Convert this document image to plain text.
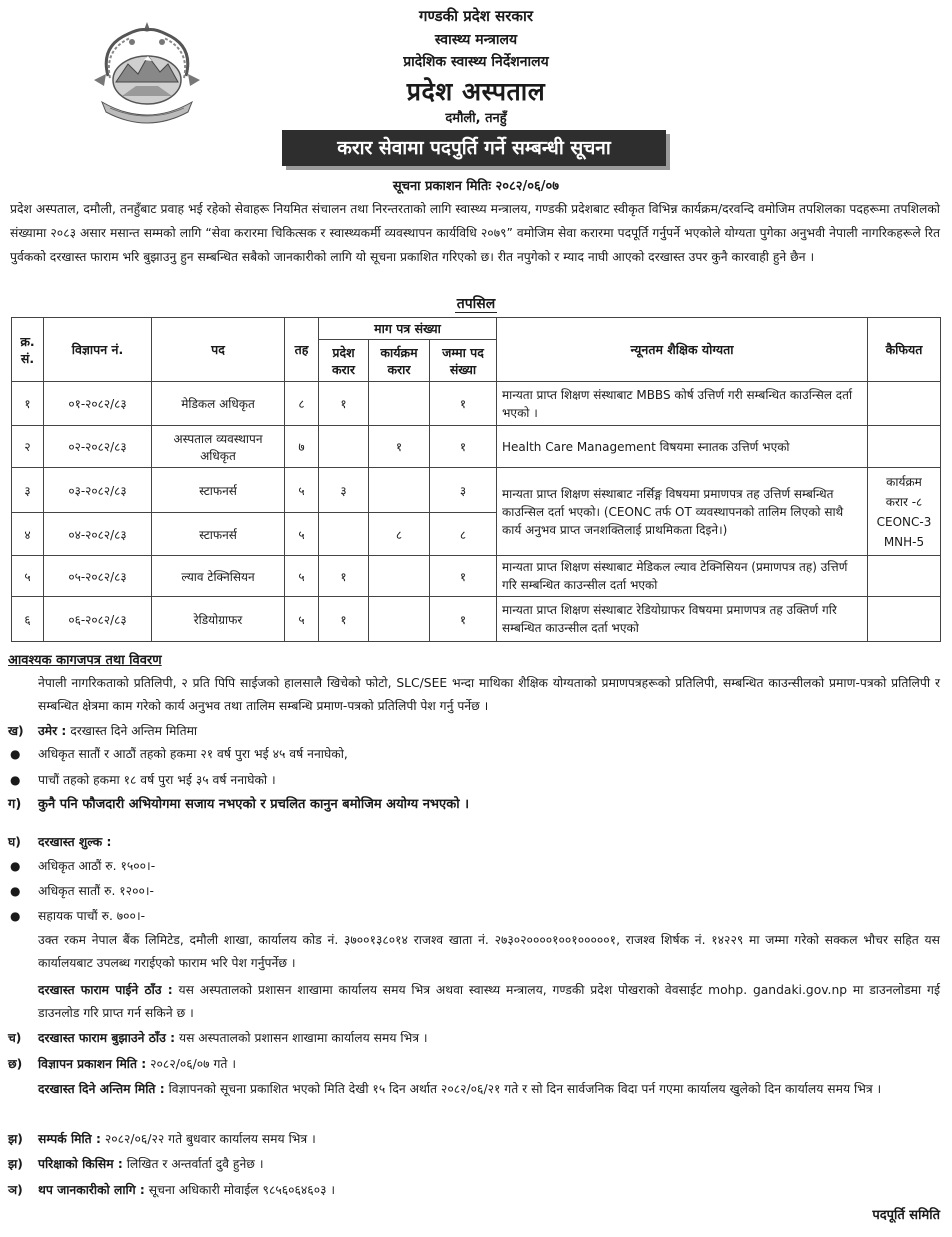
गण्डकी प्रदेश सरकार
स्वास्थ्य मन्त्रालय
प्रादेशिक स्वास्थ्य निर्देशनालय
प्रदेश अस्पताल
दमौली, तनहुँ
करार सेवामा पदपुर्ति गर्ने सम्बन्धी सूचना
सूचना प्रकाशन मितिः २०८२/०६/०७
प्रदेश अस्पताल, दमौली, तनहुँबाट प्रवाह भई रहेको सेवाहरू नियमित संचालन तथा निरन्तरताको लागि स्वास्थ्य मन्त्रालय, गण्डकी प्रदेशबाट स्वीकृत विभिन्न कार्यक्रम/दरवन्दि वमोजिम तपशिलका पदहरूमा तपशिलको संख्यामा २०८३ असार मसान्त सम्मको लागि “सेवा करारमा चिकित्सक र स्वास्थ्यकर्मी व्यवस्थापन कार्यविधि २०७९” वमोजिम सेवा करारमा पदपूर्ति गर्नुपर्ने भएकोले योग्यता पुगेका अनुभवी नेपाली नागरिकहरूले रित पुर्वकको दरखास्त फाराम भरि बुझाउनु हुन सम्बन्धित सबैको जानकारीको लागि यो सूचना प्रकाशित गरिएको छ। रीत नपुगेको र म्याद नाघी आएको दरखास्त उपर कुनै कारवाही हुने छैन ।
तपसिल
क्र. सं.	विज्ञापन नं.	पद	तह	माग पत्र संख्या			न्यूनतम शैक्षिक योग्यता	कैफियत
				प्रदेश करार	कार्यक्रम करार	जम्मा पद संख्या		
१	०१-२०८२/८३	मेडिकल अधिकृत	८	१		१	मान्यता प्राप्त शिक्षण संस्थाबाट MBBS कोर्ष उत्तिर्ण गरी सम्बन्धित काउन्सिल दर्ता भएको ।	
२	०२-२०८२/८३	अस्पताल व्यवस्थापन अधिकृत	७		१	१	Health Care Management विषयमा स्नातक उत्तिर्ण भएको	
३	०३-२०८२/८३	स्टाफनर्स	५	३		३	मान्यता प्राप्त शिक्षण संस्थाबाट नर्सिङ्ग विषयमा प्रमाणपत्र तह उत्तिर्ण सम्बन्धित काउन्सिल दर्ता भएको। (CEONC तर्फ OT व्यवस्थापनको तालिम लिएको साथै कार्य अनुभव प्राप्त जनशक्तिलाई प्राथमिकता दिइने।)	कार्यक्रम
करार -८
CEONC-3
MNH-5

४	०४-२०८२/८३	स्टाफनर्स	५		८	८		
५	०५-२०८२/८३	ल्याव टेक्निसियन	५	१		१	मान्यता प्राप्त शिक्षण संस्थाबाट मेडिकल ल्याव टेक्निसियन (प्रमाणपत्र तह) उत्तिर्ण गरि सम्बन्धित काउन्सील दर्ता भएको	
६	०६-२०८२/८३	रेडियोग्राफर	५	१		१	मान्यता प्राप्त शिक्षण संस्थाबाट रेडियोग्राफर विषयमा प्रमाणपत्र तह उक्तिर्ण गरि सम्बन्धित काउन्सील दर्ता भएको	
आवश्यक कागजपत्र तथा विवरण
नेपाली नागरिकताको प्रतिलिपी, २ प्रति पिपि साईजको हालसालै खिचेको फोटो, SLC/SEE भन्दा माथिका शैक्षिक योग्यताको प्रमाणपत्रहरूको प्रतिलिपी, सम्बन्धित काउन्सीलको प्रमाण-पत्रको प्रतिलिपी र सम्बन्धित क्षेत्रमा काम गरेको कार्य अनुभव तथा तालिम सम्बन्धि प्रमाण-पत्रको प्रतिलिपी पेश गर्नु पर्नेछ ।
ख) उमेर : दरखास्त दिने अन्तिम मितिमा
● अधिकृत सातौं र आठौं तहको हकमा २१ वर्ष पुरा भई ४५ वर्ष ननाघेको,
● पाचौं तहको हकमा १८ वर्ष पुरा भई ३५ वर्ष ननाघेको ।
ग) कुनै पनि फौजदारी अभियोगमा सजाय नभएको र प्रचलित कानुन बमोजिम अयोग्य नभएको ।
घ) दरखास्त शुल्क :
● अधिकृत आठौं रु. १५००।-
● अधिकृत सातौं रु. १२००।-
● सहायक पाचौं रु. ७००।-
उक्त रकम नेपाल बैंक लिमिटेड, दमौली शाखा, कार्यालय कोड नं. ३७००१३८०१४ राजश्व खाता नं. २७३०२००००१००१०००००१, राजश्व शिर्षक नं. १४२२९ मा जम्मा गरेको सक्कल भौचर सहित यस कार्यालयबाट उपलब्ध गराईएको फाराम भरि पेश गर्नुपर्नेछ ।
दरखास्त फाराम पाईने ठाँउ : यस अस्पतालको प्रशासन शाखामा कार्यालय समय भित्र अथवा स्वास्थ्य मन्त्रालय, गण्डकी प्रदेश पोखराको वेवसाईट mohp. gandaki.gov.np मा डाउनलोडमा गई डाउनलोड गरि प्राप्त गर्न सकिने छ ।
च) दरखास्त फाराम बुझाउने ठाँउ : यस अस्पतालको प्रशासन शाखामा कार्यालय समय भित्र ।
छ) विज्ञापन प्रकाशन मिति : २०८२/०६/०७ गते ।
दरखास्त दिने अन्तिम मिति : विज्ञापनको सूचना प्रकाशित भएको मिति देखी १५ दिन अर्थात २०८२/०६/२१ गते र सो दिन सार्वजनिक विदा पर्न गएमा कार्यालय खुलेको दिन कार्यालय समय भित्र ।
झ) सम्पर्क मिति : २०८२/०६/२२ गते बुधवार कार्यालय समय भित्र ।
झ) परिक्षाको किसिम : लिखित र अन्तर्वार्ता दुवै हुनेछ ।
ञ) थप जानकारीको लागि : सूचना अधिकारी मोवाईल ९८५६०६४६०३ ।
पदपूर्ति समिति
